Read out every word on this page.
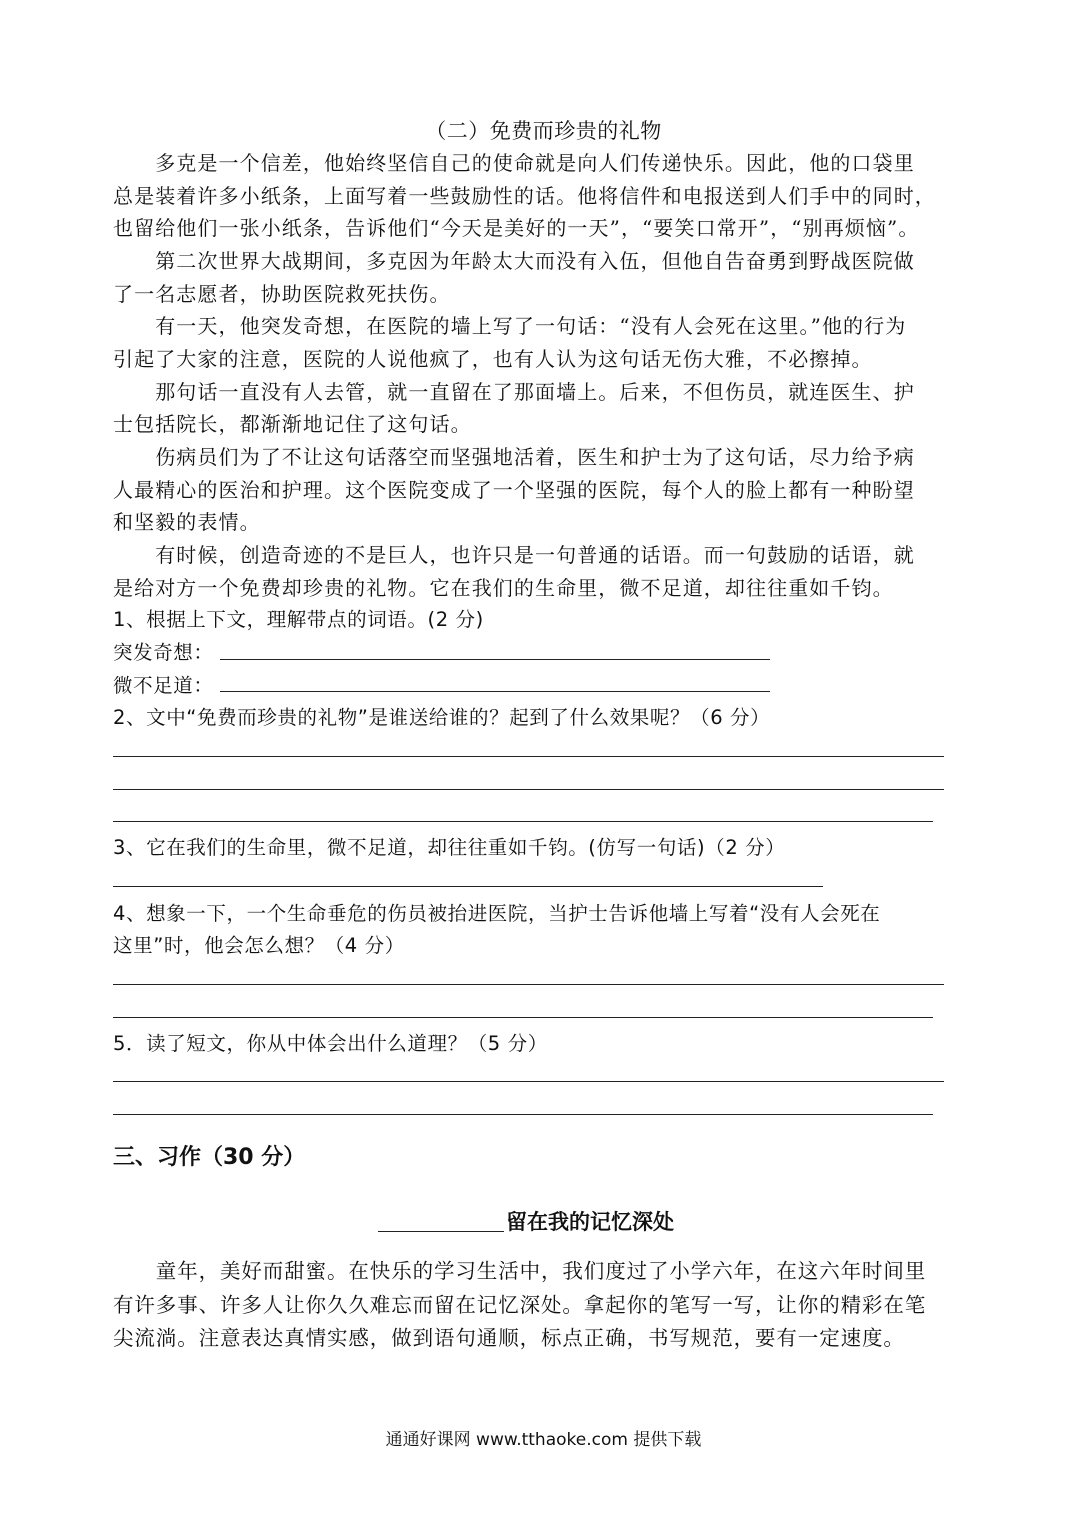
（二）免费而珍贵的礼物
　　多克是一个信差，他始终坚信自己的使命就是向人们传递快乐。因此，他的口袋里
总是装着许多小纸条，上面写着一些鼓励性的话。他将信件和电报送到人们手中的同时，
也留给他们一张小纸条，告诉他们“今天是美好的一天”，“要笑口常开”，“别再烦恼”。
　　第二次世界大战期间，多克因为年龄太大而没有入伍，但他自告奋勇到野战医院做
了一名志愿者，协助医院救死扶伤。
　　有一天，他突发奇想，在医院的墙上写了一句话：“没有人会死在这里。”他的行为
引起了大家的注意，医院的人说他疯了，也有人认为这句话无伤大雅，不必擦掉。
　　那句话一直没有人去管，就一直留在了那面墙上。后来，不但伤员，就连医生、护
士包括院长，都渐渐地记住了这句话。
　　伤病员们为了不让这句话落空而坚强地活着，医生和护士为了这句话，尽力给予病
人最精心的医治和护理。这个医院变成了一个坚强的医院，每个人的脸上都有一种盼望
和坚毅的表情。
　　有时候，创造奇迹的不是巨人，也许只是一句普通的话语。而一句鼓励的话语，就
是给对方一个免费却珍贵的礼物。它在我们的生命里，微不足道，却往往重如千钧。
1、根据上下文，理解带点的词语。(2 分)
突发奇想：
微不足道：
2、文中“免费而珍贵的礼物”是谁送给谁的？起到了什么效果呢？（6 分）
3、它在我们的生命里，微不足道，却往往重如千钧。(仿写一句话)（2 分）
4、想象一下，一个生命垂危的伤员被抬进医院，当护士告诉他墙上写着“没有人会死在
这里”时，他会怎么想？（4 分）
5．读了短文，你从中体会出什么道理？（5 分）
三、习作（30 分）
留在我的记忆深处
　　童年，美好而甜蜜。在快乐的学习生活中，我们度过了小学六年，在这六年时间里
有许多事、许多人让你久久难忘而留在记忆深处。拿起你的笔写一写，让你的精彩在笔
尖流淌。注意表达真情实感，做到语句通顺，标点正确，书写规范，要有一定速度。
通通好课网 www.tthaoke.com 提供下载
